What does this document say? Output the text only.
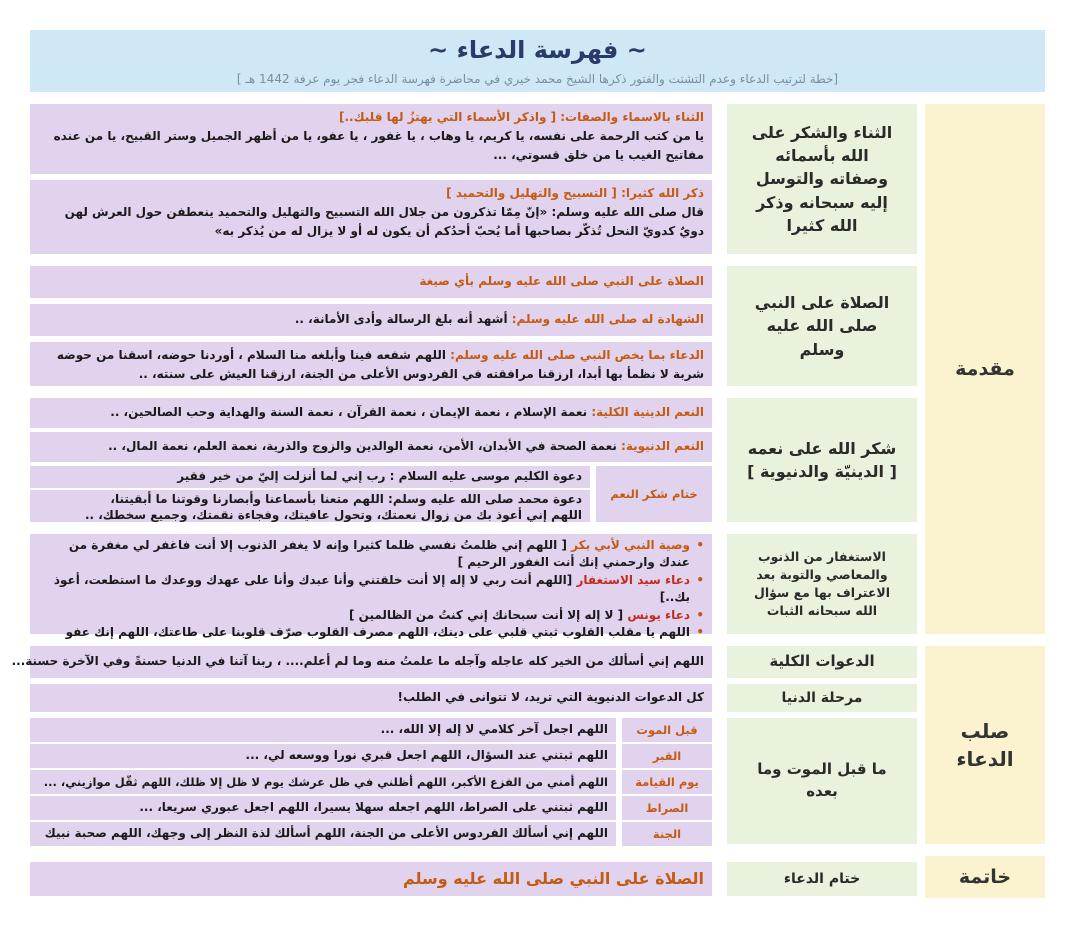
~ فهرسة الدعاء ~
[خطة لترتيب الدعاء وعدم التشتت والفتور ذكرها الشيخ محمد خيري في محاضرة فهرسة الدعاء فجر يوم عرفة 1442 هـ ]
مقدمة
صلب الدعاء
خاتمة
الثناء والشكر على الله بأسمائه وصفاته والتوسل إليه سبحانه وذكر الله كثيرا
الصلاة على النبي صلى الله عليه وسلم
شكر الله على نعمه
[ الدينيّة والدنيوية ]
الاستغفار من الذنوب والمعاصي والتوبة بعد الاعتراف بها مع سؤال الله سبحانه الثبات
الدعوات الكلية
مرحلة الدنيا
ما قبل الموت وما بعده
ختام الدعاء
الثناء بالاسماء والصفات: [ واذكر الأسماء التي يهتزُ لها قلبك..]
يا من كتب الرحمة على نفسه، يا كريم، يا وهاب ، يا غفور ، يا عفو، يا من أظهر الجميل وستر القبيح، يا من عنده مفاتيح الغيب يا من خلق قسوتي، ...
ذكر الله كثيرا: [ التسبيح والتهليل والتحميد ]
قال صلى الله عليه وسلم: «إنّ مِمّا تذكرون من جلال الله التسبيح والتهليل والتحميد ينعطفن حول العرش لهن دويٌ كدويّ النحل تُذكّر بصاحبها أما يُحبّ أحدُكم أن يكون له أو لا يزال له من يُذكر به»
الصلاة على النبي صلى الله عليه وسلم بأي صيغة
الشهادة له صلى الله عليه وسلم:

أشهد أنه بلغ الرسالة وأدى الأمانة، ..
الدعاء بما يخص النبي صلى الله عليه وسلم: اللهم شفعه فينا وأبلغه منا السلام ، أوردنا حوضه، اسقنا من حوضه شربة لا نظمأ بها أبدا، ارزقنا مرافقته في الفردوس الأعلى من الجنة، ارزقنا العيش على سنته، ..
النعم الدينية الكلية:

نعمة الإسلام ، نعمة الإيمان ، نعمة القرآن ، نعمة السنة والهداية وحب الصالحين، ..
النعم الدنيوية:

نعمة الصحة في الأبدان، الأمن، نعمة الوالدين والزوج والذرية، نعمة العلم، نعمة المال، ..
ختام شكر النعم
دعوة الكليم موسى عليه السلام : رب إني لما أنزلت إليّ من خير فقير
دعوة محمد صلى الله عليه وسلم: اللهم متعنا بأسماعنا وأبصارنا وقوتنا ما أبقيتنا،
اللهم إني أعوذ بك من زوال نعمتك، وتحول عافيتك، وفجاءة نقمتك، وجميع سخطك، ..
• وصية النبي لأبي بكر [ اللهم إني ظلمتُ نفسي ظلما كثيرا وإنه لا يغفر الذنوب إلا أنت فاغفر لي مغفرة من عندك وارحمني إنك أنت الغفور الرحيم ]
• دعاء سيد الاستغفار [اللهم أنت ربي لا إله إلا أنت خلقتني وأنا عبدك وأنا على عهدك ووعدك ما استطعت، أعوذ بك..]
• دعاء يونس [ لا إله إلا أنت سبحانك إني كنتُ من الظالمين ]
• اللهم يا مقلب القلوب ثبتي قلبي على دينك، اللهم مصرف القلوب صرّف قلوبنا على طاعتك، اللهم إنك عفو
اللهم إني أسألك من الخير كله عاجله وآجله ما علمتُ منه وما لم أعلم.... ، ربنا آتنا في الدنيا حسنةً وفي الآخرة حسنة...
كل الدعوات الدنيوية التي تريد، لا تتوانى في الطلب!
قبل الموت
اللهم اجعل آخر كلامي لا إله إلا الله، ...
القبر
اللهم ثبتني عند السؤال، اللهم اجعل قبري نورا ووسعه لي، ...
يوم القيامة
اللهم أمني من الفزع الأكبر، اللهم أظلني في ظل عرشك يوم لا ظل إلا ظلك، اللهم ثقّل موازيني، ...
الصراط
اللهم ثبتني على الصراط، اللهم اجعله سهلا يسيرا، اللهم اجعل عبوري سريعا، ...
الجنة
اللهم إني أسألك الفردوس الأعلى من الجنة، اللهم أسألك لذة النظر إلى وجهك، اللهم صحبة نبيك
الصلاة على النبي صلى الله عليه وسلم
